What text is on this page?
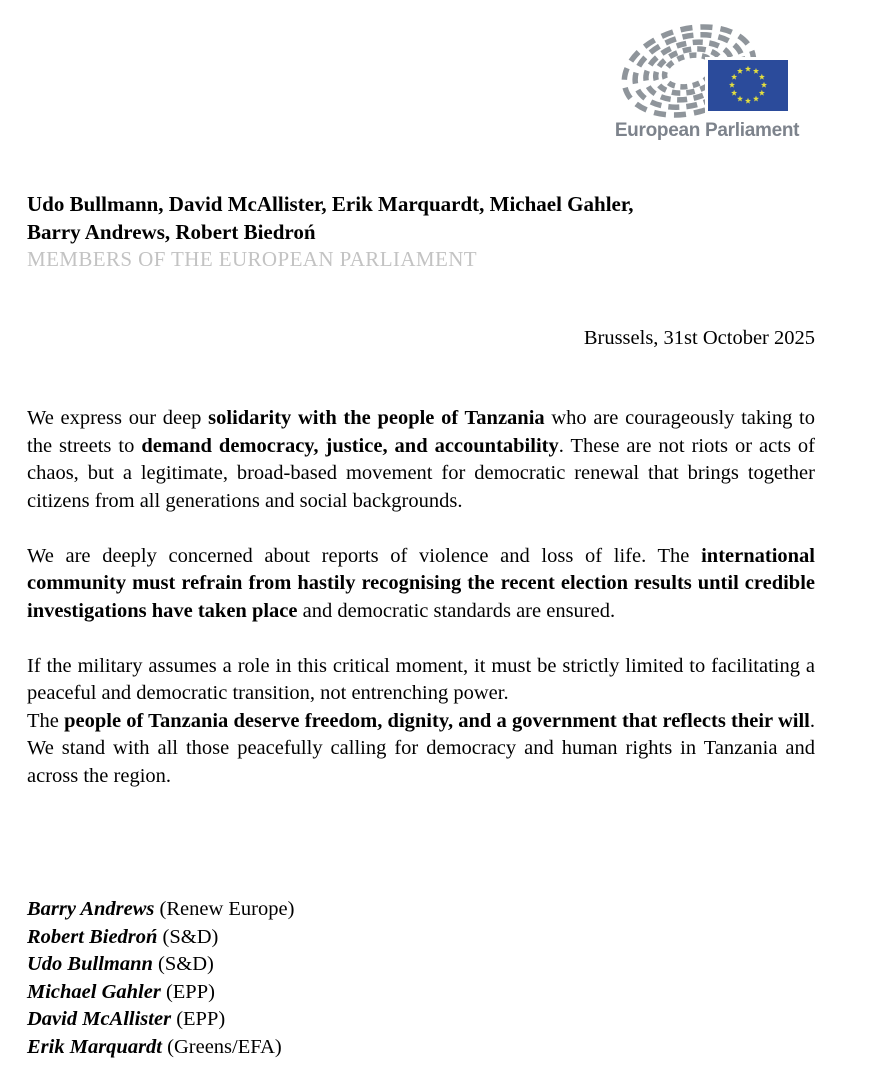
European Parliament
Udo Bullmann, David McAllister, Erik Marquardt, Michael Gahler,
Barry Andrews, Robert Biedroń
MEMBERS OF THE EUROPEAN PARLIAMENT
Brussels, 31st October 2025

We express our deep solidarity with the people of Tanzania who are courageously taking to the streets to demand democracy, justice, and accountability. These are not riots or acts of chaos, but a legitimate, broad-based movement for democratic renewal that brings together citizens from all generations and social backgrounds.

We are deeply concerned about reports of violence and loss of life. The international community must refrain from hastily recognising the recent election results until credible investigations have taken place and democratic standards are ensured.

If the military assumes a role in this critical moment, it must be strictly limited to facilitating a peaceful and democratic transition, not entrenching power.

The people of Tanzania deserve freedom, dignity, and a government that reflects their will. We stand with all those peacefully calling for democracy and human rights in Tanzania and across the region.

Barry Andrews (Renew Europe)
Robert Biedroń (S&D)
Udo Bullmann (S&D)
Michael Gahler (EPP)
David McAllister (EPP)
Erik Marquardt (Greens/EFA)
